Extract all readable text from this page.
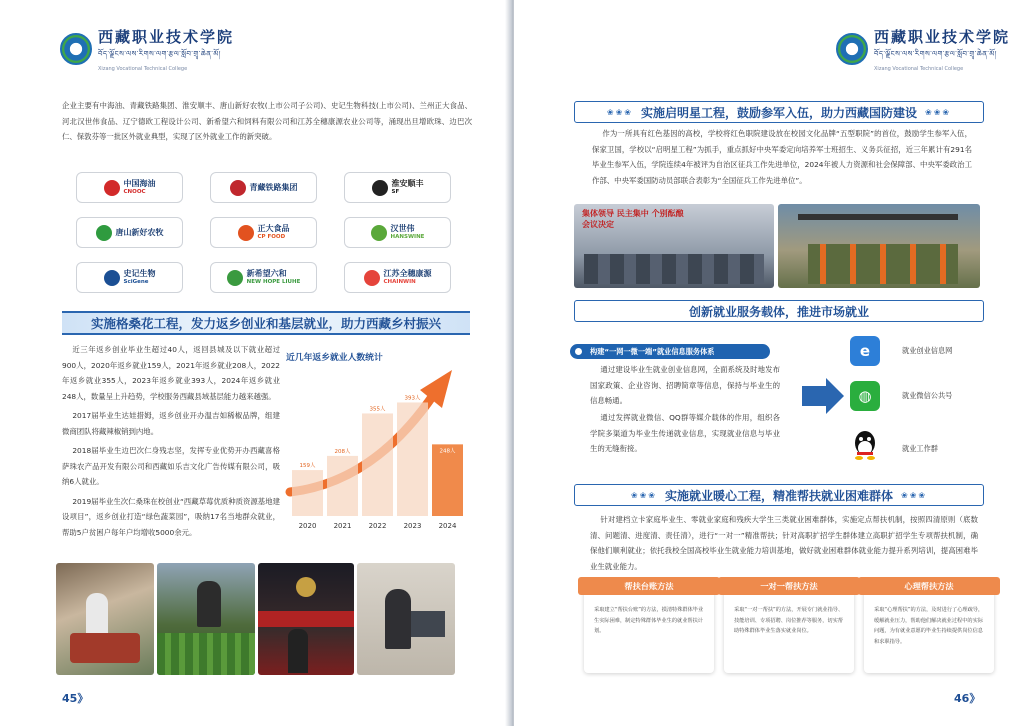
西藏职业技术学院
བོད་ལྗོངས་ལས་རིགས་ལག་རྩལ་སློབ་གྲྭ་ཆེན་མོ།
Xizang Vocational Technical College

企业主要有中海油、青藏铁路集团、淮安顺丰、唐山新好农牧(上市公司子公司)、史记生物科技(上市公司)、兰州正大食品、河北汉世伟食品、辽宁德欧工程设计公司、新希望六和饲料有限公司和江苏全穗康源农业公司等，涌现出旦增欧珠、边巴次仁、保敦芬等一批区外就业典型，实现了区外就业工作的新突破。

中国海油
CNOOC	青藏铁路集团	淮安顺丰
SF
唐山新好农牧	正大食品
CP FOOD
汉世伟
HANSWINE
史记生物
SciGene
新希望六和
NEW HOPE LIUHE
江苏全穗康源
CHAINWIN
实施格桑花工程，发力返乡创业和基层就业，助力西藏乡村振兴

近三年返乡创业毕业生超过40人，返回县城及以下就业超过900人，2020年返乡就业159人，2021年返乡就业208人，2022年返乡就业355人，2023年返乡就业393人，2024年返乡就业248人，数量呈上升趋势，学校服务西藏县域基层能力越来越强。

2017届毕业生达娃措姆，返乡创业开办温吉如稀椒品牌，组建微商团队将藏辣椒销到内地。

2018届毕业生边巴次仁身残志坚，发挥专业优势开办西藏喜格萨珠农产品开发有限公司和西藏如乐吉文化广告传媒有限公司，吸纳6人就业。

2019届毕业生次仁桑珠在校创业“西藏草莓优质种质资源基地建设项目”，返乡创业打造“绿色蔬菜园”，吸纳17名当地群众就业，帮助5户贫困户每年户均增收5000余元。

近几年返乡就业人数统计
159人
2020
208人
2021
355人
2022
393人
2023
248人
2024
45》
西藏职业技术学院
བོད་ལྗོངས་ལས་རིགས་ལག་རྩལ་སློབ་གྲྭ་ཆེན་མོ།
Xizang Vocational Technical College
❀❀❀ 实施启明星工程，鼓励参军入伍，助力西藏国防建设 ❀❀❀

作为一所具有红色基因的高校，学校将红色职院建设放在校园文化品牌“五型职院”的首位，鼓励学生参军入伍，保家卫国，学校以“启明星工程”为抓手，重点抓好中央军委定向培养军士班招生、义务兵征招，近三年累计有291名毕业生参军入伍，学院连续4年被评为自治区征兵工作先进单位，2024年被人力资源和社会保障部、中央军委政治工作部、中央军委国防动员部联合表彰为“全国征兵工作先进单位”。

集体领导 民主集中 个别酝酿 会议决定
创新就业服务载体，推进市场就业
构建“一网一微一端”就业信息服务体系

通过建设毕业生就业创业信息网，全面系统及时地发布国家政策、企业咨询、招聘简章等信息，保持与毕业生的信息畅通。

通过发挥就业微信、QQ群等媒介载体的作用，组织各学院多渠道为毕业生传递就业信息，实现就业信息与毕业生的无缝衔接。

e	就业创业信息网
◍	就业微信公共号
就业工作群
❀❀❀ 实施就业暖心工程，精准帮扶就业困难群体 ❀❀❀

针对建档立卡家庭毕业生、零就业家庭和残疾大学生三类就业困难群体，实施定点帮扶机制，按照四清原则（底数清、问题清、进度清、责任清），进行“一对一”精准帮扶；针对高职扩招学生群体建立高职扩招学生专项帮扶机制，确保他们顺利就业；依托我校全国高校毕业生就业能力培训基地，做好就业困难群体就业能力提升系列培训，提高困难毕业生就业能力。

帮扶台账方法
采取建立“帮扶台账”的方法，摸清特殊群体毕业生实际困难，制定特殊群体毕业生的就业帮扶计划。
一对一帮扶方法
采取“一对一帮扶”的方法，开展专门就业指导、技能培训、专项招聘、岗位推荐等服务，切实帮助特殊群体毕业生落实就业岗位。
心理帮扶方法
采取“心理帮扶”的方法，及时进行了心理疏导，缓解就业压力，帮助他们解决就业过程中的实际问题，为有就业意愿的毕业生持续提供岗位信息和求职指导。
46》
